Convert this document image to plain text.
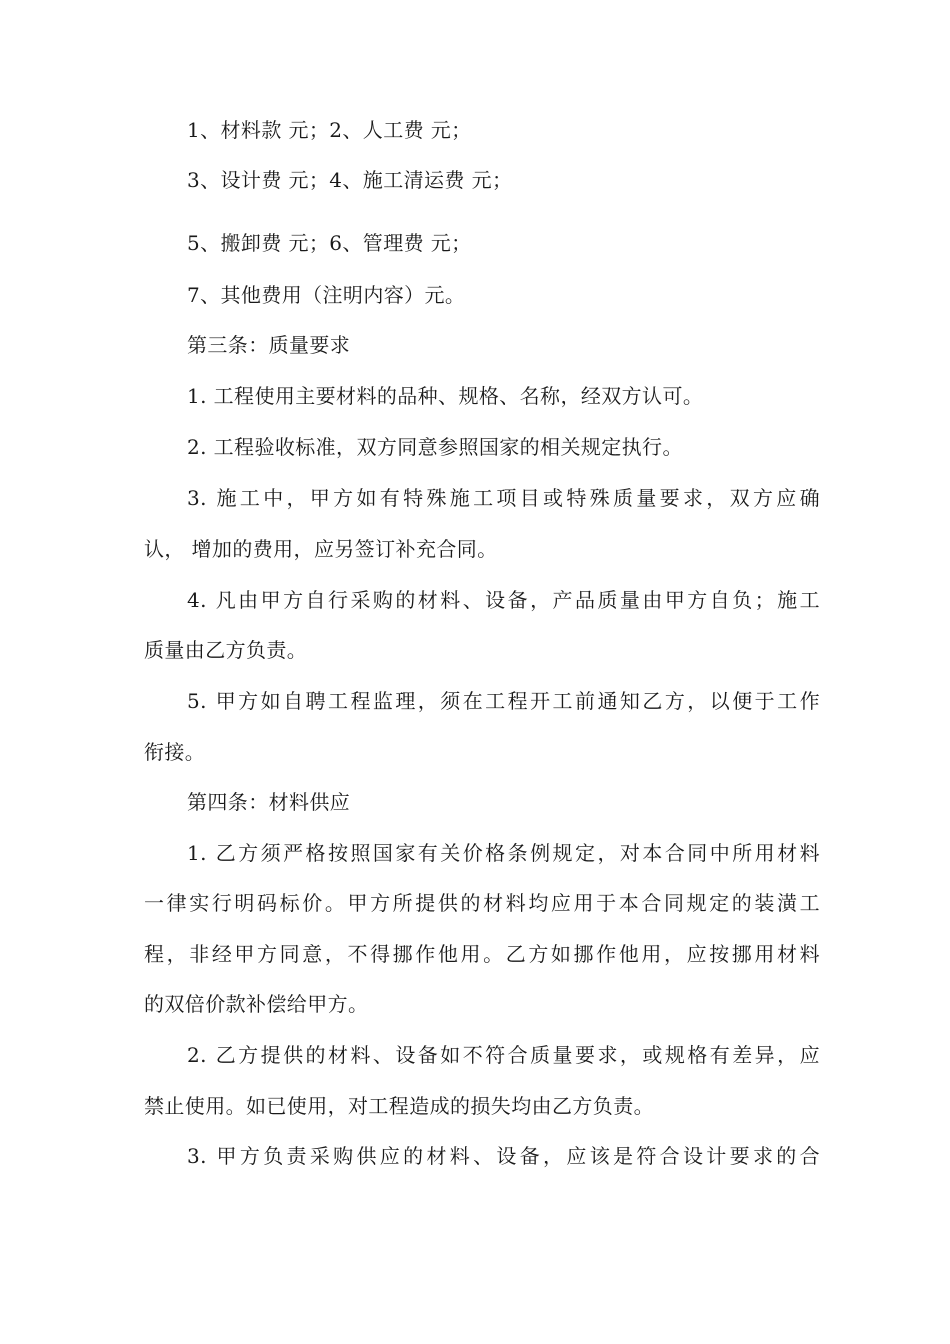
1、材料款 元；2、人工费 元；
3、设计费 元；4、施工清运费 元；
5、搬卸费 元；6、管理费 元；
7、其他费用（注明内容）元。
第三条：质量要求
1. 工程使用主要材料的品种、规格、名称，经双方认可。
2. 工程验收标准，双方同意参照国家的相关规定执行。
3. 施工中，甲方如有特殊施工项目或特殊质量要求，双方应确
认， 增加的费用，应另签订补充合同。
4. 凡由甲方自行采购的材料、设备，产品质量由甲方自负；施工
质量由乙方负责。
5. 甲方如自聘工程监理，须在工程开工前通知乙方，以便于工作
衔接。
第四条：材料供应
1. 乙方须严格按照国家有关价格条例规定，对本合同中所用材料
一律实行明码标价。甲方所提供的材料均应用于本合同规定的装潢工
程，非经甲方同意，不得挪作他用。乙方如挪作他用，应按挪用材料
的双倍价款补偿给甲方。
2. 乙方提供的材料、设备如不符合质量要求，或规格有差异，应
禁止使用。如已使用，对工程造成的损失均由乙方负责。
3. 甲方负责采购供应的材料、设备，应该是符合设计要求的合
